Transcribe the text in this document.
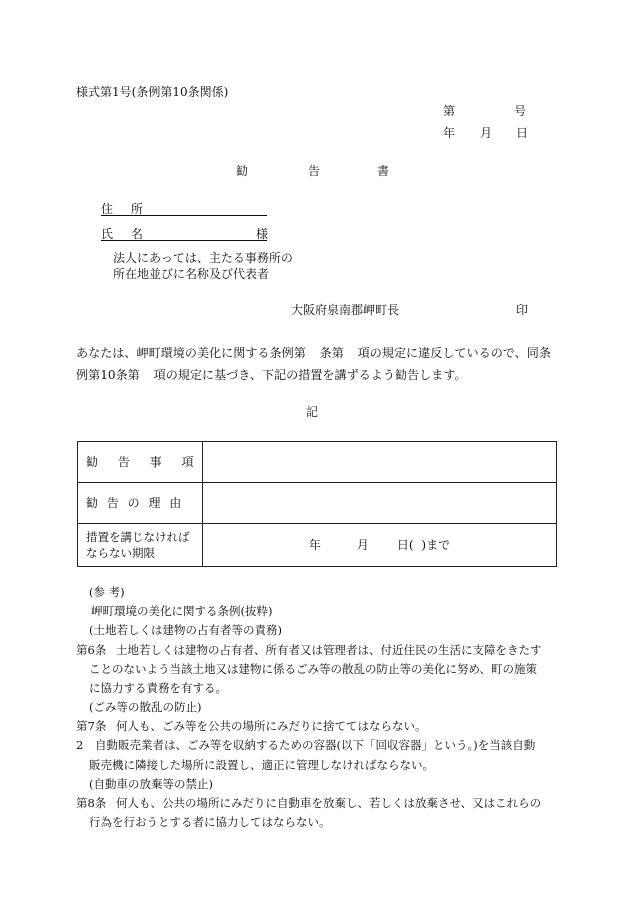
様式第1号(条例第10条関係)
第	号
年 月 日
勧	告	書
住 所
氏 名	様
法人にあっては、主たる事務所の
所在地並びに名称及び代表者
大阪府泉南郡岬町長	印
あなたは、岬町環境の美化に関する条例第 条第 項の規定に違反しているので、同条
例第10条第 項の規定に基づき、下記の措置を講ずるよう勧告します。
記
勧 告 事 項	
勧 告 の 理 由	

措置を講じなければならない期限	年 月 日( )まで
(参 考)
岬町環境の美化に関する条例(抜粋)
(土地若しくは建物の占有者等の責務)
第6条 土地若しくは建物の占有者、所有者又は管理者は、付近住民の生活に支障をきたす
ことのないよう当該土地又は建物に係るごみ等の散乱の防止等の美化に努め、町の施策
に協力する責務を有する。
(ごみ等の散乱の防止)
第7条 何人も、ごみ等を公共の場所にみだりに捨ててはならない。
2 自動販売業者は、ごみ等を収納するための容器(以下「回収容器」という。)を当該自動
販売機に隣接した場所に設置し、適正に管理しなければならない。
(自動車の放棄等の禁止)
第8条 何人も、公共の場所にみだりに自動車を放棄し、若しくは放棄させ、又はこれらの
行為を行おうとする者に協力してはならない。
